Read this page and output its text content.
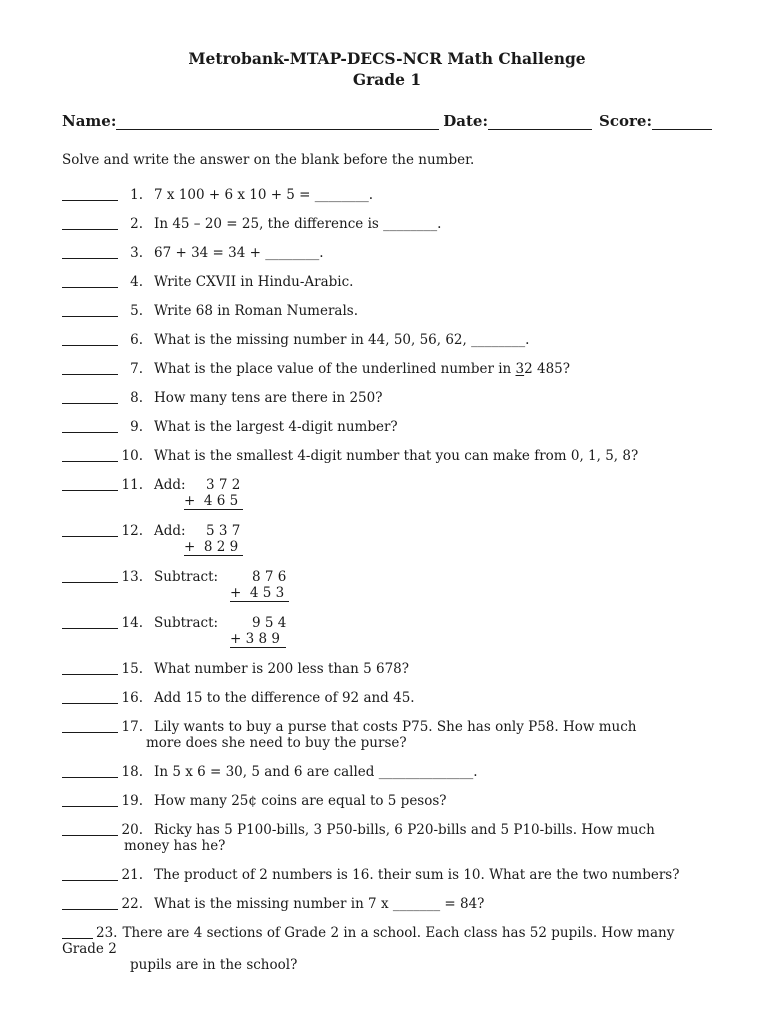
Metrobank-MTAP-DECS-NCR Math Challenge
Grade 1
Name:	Date:	Score:
Solve and write the answer on the blank before the number.
1. 7 x 100 + 6 x 10 + 5 = ________.
2. In 45 – 20 = 25, the difference is ________.
3. 67 + 34 = 34 + ________.
4. Write CXVII in Hindu-Arabic.
5. Write 68 in Roman Numerals.
6. What is the missing number in 44, 50, 56, 62, ________.
7. What is the place value of the underlined number in 32 485?
8. How many tens are there in 250?
9. What is the largest 4-digit number?
10. What is the smallest 4-digit number that you can make from 0, 1, 5, 8?
11. Add:	3 7 2
+  4 6 5
12. Add:	5 3 7
+  8 2 9
13. Subtract:	8 7 6
+  4 5 3
14. Subtract:	9 5 4
+ 3 8 9
15. What number is 200 less than 5 678?
16. Add 15 to the difference of 92 and 45.
17. Lily wants to buy a purse that costs P75. She has only P58. How much
more does she need to buy the purse?
18. In 5 x 6 = 30, 5 and 6 are called ______________.
19. How many 25¢ coins are equal to 5 pesos?
20. Ricky has 5 P100-bills, 3 P50-bills, 6 P20-bills and 5 P10-bills. How much
money has he?
21. The product of 2 numbers is 16. their sum is 10. What are the two numbers?
22. What is the missing number in 7 x _______ = 84?
23. There are 4 sections of Grade 2 in a school. Each class has 52 pupils. How many Grade 2
pupils are in the school?
